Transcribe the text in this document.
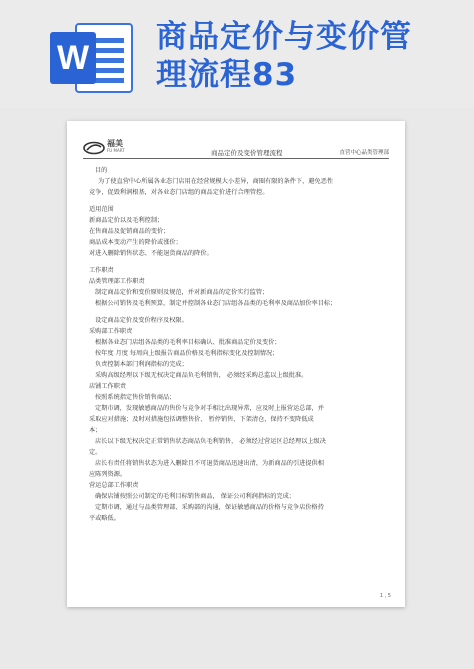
W
商品定价与变价管
理流程83
福美
FU MART	商品定价及变价管理流程	直营中心品类管理部
目的
为了使直营中心所属各业态门店用在经营规模大小差异，商圈有限的条件下，避免恶性
竞争，促毁利润根基，对各业态门店组的商品定价进行合理管控。
适用范围
新商品定价以及毛利控制；
在售商品及促销商品的变价；
商品成本变动产生的降价或涨价；
对进入删除销售状态、不能退货商品的降价。
工作职责
品类管理部工作职责
制定商品定价和变价原则及规范，并对新商品的定价实行监管；
根据公司销售及毛利预算，制定并控制各业态门店组各品类的毛利率及商品加价率目标；
设定商品定价及变价程序及权限。
采购部工作职责
根据各业态门店组各品类的毛利率目标确认、批准商品定价及变价；
按年度 月度 每周向上级报告商品价格及毛利指标变化及控制情况；
负责控制本部门利润指标的完成；
采购高级经理以下级无权决定商品负毛利销售， 必须经采购总监以上级批准。
店铺工作职责
按照系统指定售价销售商品；
定期市调，发现敏感商品的售价与竞争对手相比出现异常，应及时上报营运总部，并
采取应对措施；及时对措施包括调整售价、 暂停销售，下架清仓，保持不变降低成
本；
店长以下级无权决定正常销售状态商品负毛利销售， 必须经过营运区总经理以上级决
定。
店长有责任将销售状态为进入删除且不可退货商品迅速出清，为新商品的引进提供相
应陈列资源。
营运总部工作职责
确保店铺按照公司制定的毛利目标销售商品， 保证公司利润指标的完成；
定期市调，通过与品类管理部、采购部的沟通，保证敏感商品的价格与竞争店价格持
平或略低。
1 , 5
